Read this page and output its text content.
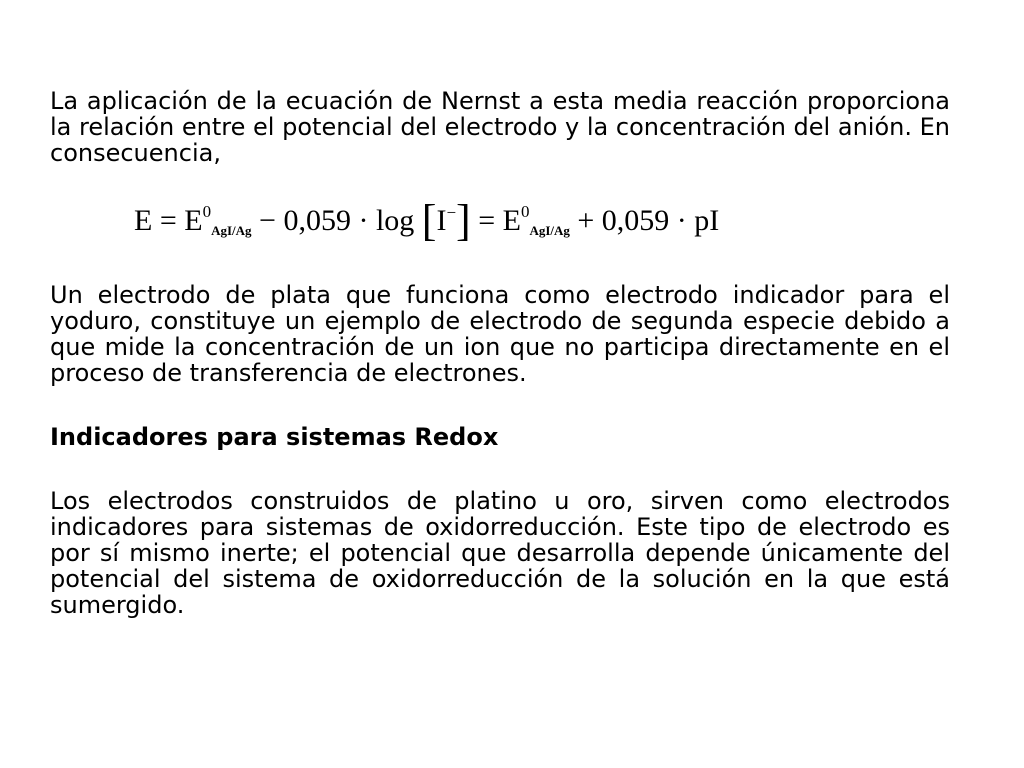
La aplicación de la ecuación de Nernst a esta media reacción proporciona la relación entre el potencial del electrodo y la concentración del anión. En consecuencia,

$E = E^0_{AgI/Ag} - 0,059 \cdot \log [I^-] = E^0_{AgI/Ag} + 0,059$ · pI

Un electrodo de plata que funciona como electrodo indicador para el yoduro, constituye un ejemplo de electrodo de segunda especie debido a que mide la concentración de un ion que no participa directamente en el proceso de transferencia de electrones.

Indicadores para sistemas Redox

Los electrodos construidos de platino u oro, sirven como electrodos indicadores para sistemas de oxidorreducción. Este tipo de electrodo es por sí mismo inerte; el potencial que desarrolla depende únicamente del potencial del sistema de oxidorreducción de la solución en la que está sumergido.
